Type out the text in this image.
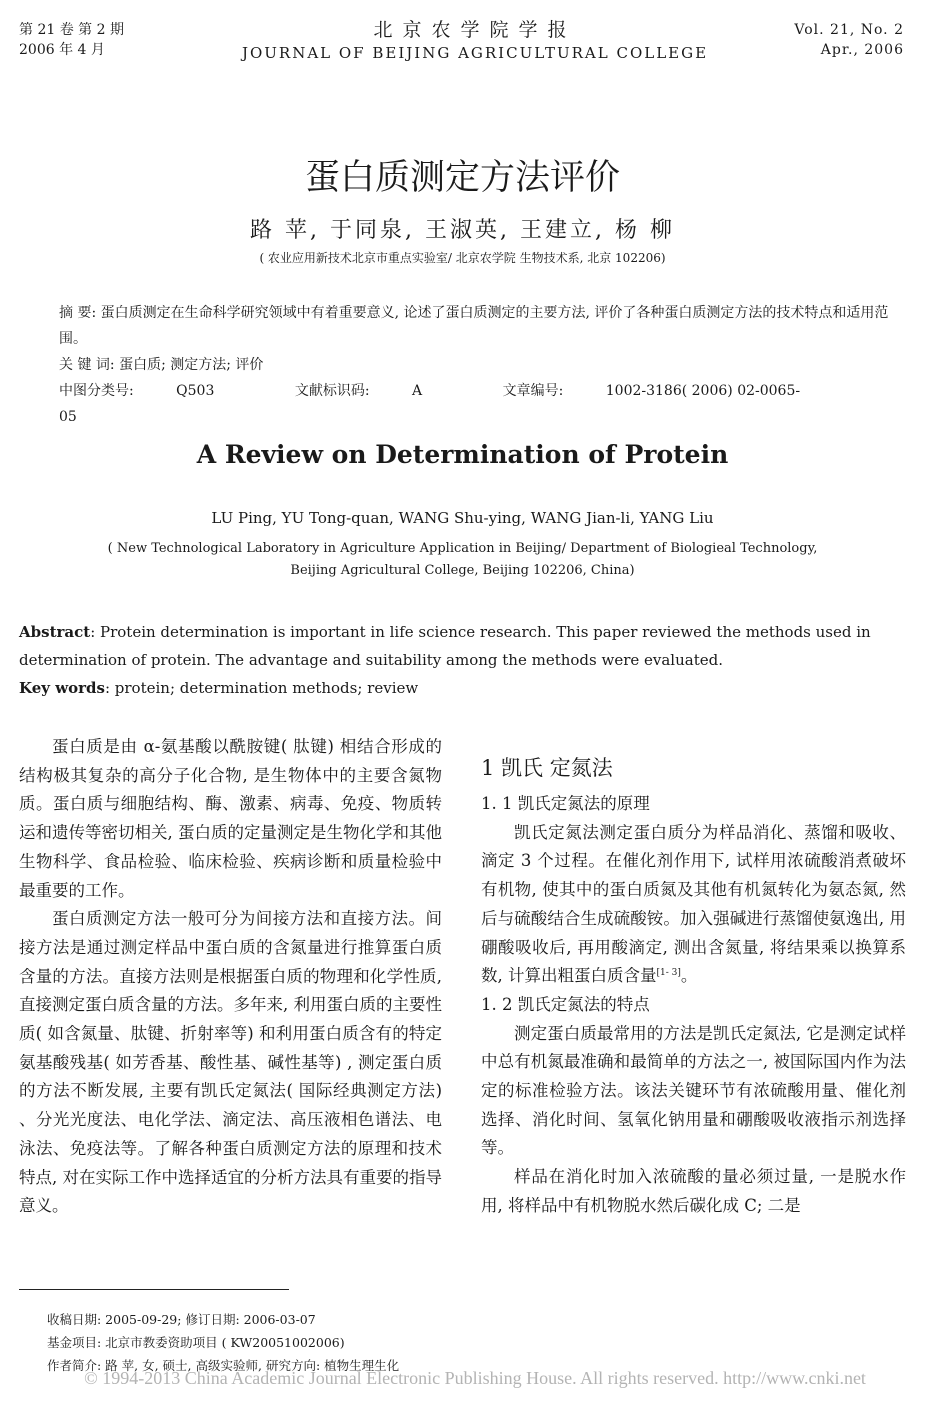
第 21 卷 第 2 期
2006 年 4 月
北京农学院学报
JOURNAL OF BEIJING AGRICULTURAL COLLEGE
Vol. 21, No. 2
Apr., 2006
蛋白质测定方法评价
路 苹, 于同泉, 王淑英, 王建立, 杨 柳
( 农业应用新技术北京市重点实验室/ 北京农学院 生物技术系, 北京 102206)

摘 要: 蛋白质测定在生命科学研究领域中有着重要意义, 论述了蛋白质测定的主要方法, 评价了各种蛋白质测定方法的技术特点和适用范围。

关 键 词: 蛋白质; 测定方法; 评价

中图分类号:	Q503	文献标识码:	A	文章编号:	1002-3186( 2006) 02-0065-05

A Review on Determination of Protein
LU Ping, YU Tong-quan, WANG Shu-ying, WANG Jian-li, YANG Liu
( New Technological Laboratory in Agriculture Application in Beijing/ Department of Biologieal Technology,
Beijing Agricultural College, Beijing 102206, China)

Abstract: Protein determination is important in life science research. This paper reviewed the methods used in determination of protein. The advantage and suitability among the methods were evaluated.

Key words: protein; determination methods; review

蛋白质是由 α-氨基酸以酰胺键( 肽键) 相结合形成的结构极其复杂的高分子化合物, 是生物体中的主要含氮物质。蛋白质与细胞结构、酶、激素、病毒、免疫、物质转运和遗传等密切相关, 蛋白质的定量测定是生物化学和其他生物科学、食品检验、临床检验、疾病诊断和质量检验中最重要的工作。

蛋白质测定方法一般可分为间接方法和直接方法。间接方法是通过测定样品中蛋白质的含氮量进行推算蛋白质含量的方法。直接方法则是根据蛋白质的物理和化学性质, 直接测定蛋白质含量的方法。多年来, 利用蛋白质的主要性质( 如含氮量、肽键、折射率等) 和利用蛋白质含有的特定氨基酸残基( 如芳香基、酸性基、碱性基等) , 测定蛋白质的方法不断发展, 主要有凯氏定氮法( 国际经典测定方法) 、分光光度法、电化学法、滴定法、高压液相色谱法、电泳法、免疫法等。了解各种蛋白质测定方法的原理和技术特点, 对在实际工作中选择适宜的分析方法具有重要的指导意义。

1 凯氏 定氮法

1. 1 凯氏定氮法的原理

凯氏定氮法测定蛋白质分为样品消化、蒸馏和吸收、滴定 3 个过程。在催化剂作用下, 试样用浓硫酸消煮破坏有机物, 使其中的蛋白质氮及其他有机氮转化为氨态氮, 然后与硫酸结合生成硫酸铵。加入强碱进行蒸馏使氨逸出, 用硼酸吸收后, 再用酸滴定, 测出含氮量, 将结果乘以换算系数, 计算出粗蛋白质含量[1- 3]。

1. 2 凯氏定氮法的特点

测定蛋白质最常用的方法是凯氏定氮法, 它是测定试样中总有机氮最准确和最简单的方法之一, 被国际国内作为法定的标准检验方法。该法关键环节有浓硫酸用量、催化剂选择、消化时间、氢氧化钠用量和硼酸吸收液指示剂选择等。

样品在消化时加入浓硫酸的量必须过量, 一是脱水作用, 将样品中有机物脱水然后碳化成 C; 二是

收稿日期: 2005-09-29; 修订日期: 2006-03-07

基金项目: 北京市教委资助项目 ( KW20051002006)

作者简介: 路 苹, 女, 硕士, 高级实验师, 研究方向: 植物生理生化

© 1994-2013 China Academic Journal Electronic Publishing House. All rights reserved. http://www.cnki.net
